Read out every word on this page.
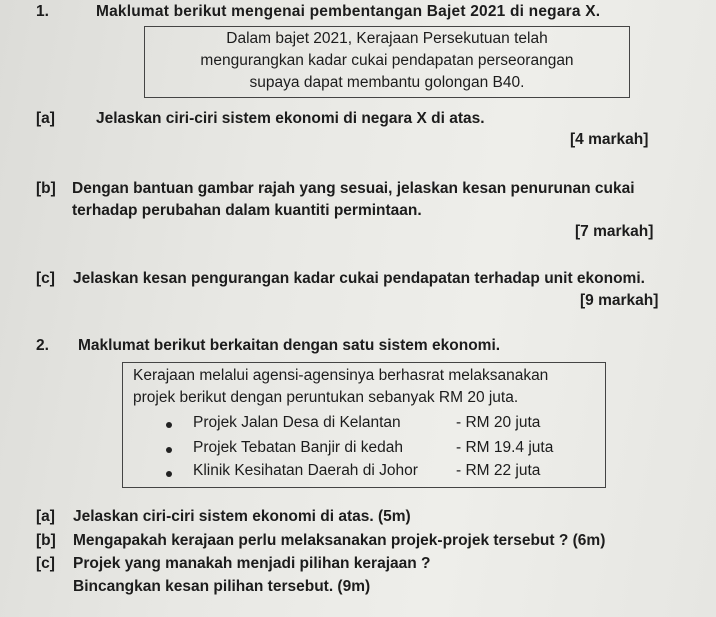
1.	Maklumat berikut mengenai pembentangan Bajet 2021 di negara X.
Dalam bajet 2021, Kerajaan Persekutuan telah
mengurangkan kadar cukai pendapatan perseorangan
supaya dapat membantu golongan B40.
[a]	Jelaskan ciri-ciri sistem ekonomi di negara X di atas.
[4 markah]
[b] Dengan bantuan gambar rajah yang sesuai, jelaskan kesan penurunan cukai
terhadap perubahan dalam kuantiti permintaan.
[7 markah]
[c] Jelaskan kesan pengurangan kadar cukai pendapatan terhadap unit ekonomi.
[9 markah]
2. Maklumat berikut berkaitan dengan satu sistem ekonomi.
Kerajaan melalui agensi-agensinya berhasrat melaksanakan
projek berikut dengan peruntukan sebanyak RM 20 juta.
Projek Jalan Desa di Kelantan	- RM 20 juta
Projek Tebatan Banjir di kedah	- RM 19.4 juta
Klinik Kesihatan Daerah di Johor - RM 22 juta
[a] Jelaskan ciri-ciri sistem ekonomi di atas. (5m)
[b] Mengapakah kerajaan perlu melaksanakan projek-projek tersebut ? (6m)
[c] Projek yang manakah menjadi pilihan kerajaan ?
Bincangkan kesan pilihan tersebut. (9m)
